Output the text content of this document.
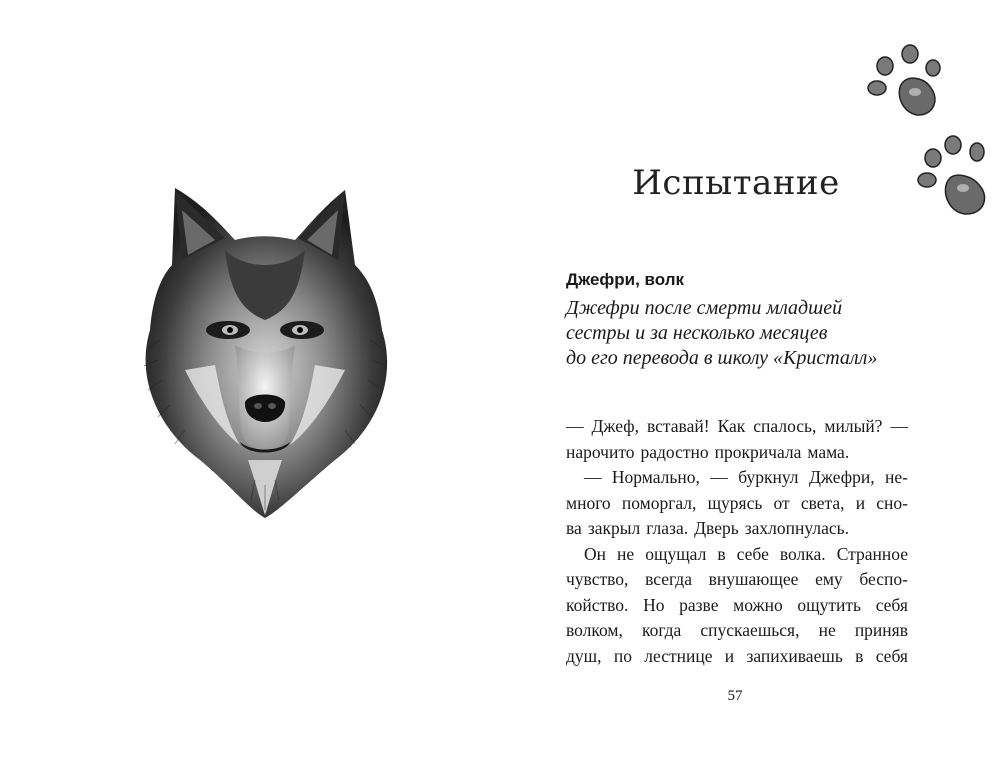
Испытание
Джефри, волк
Джефри после смерти младшей
сестры и за несколько месяцев
до его перевода в школу «Кристалл»
— Джеф, вставай! Как спалось, милый? —
нарочито радостно прокричала мама.
— Нормально, — буркнул Джефри, не-
много поморгал, щурясь от света, и сно-
ва закрыл глаза. Дверь захлопнулась.
Он не ощущал в себе волка. Странное
чувство, всегда внушающее ему беспо-
койство. Но разве можно ощутить себя
волком, когда спускаешься, не приняв
душ, по лестнице и запихиваешь в себя
57
